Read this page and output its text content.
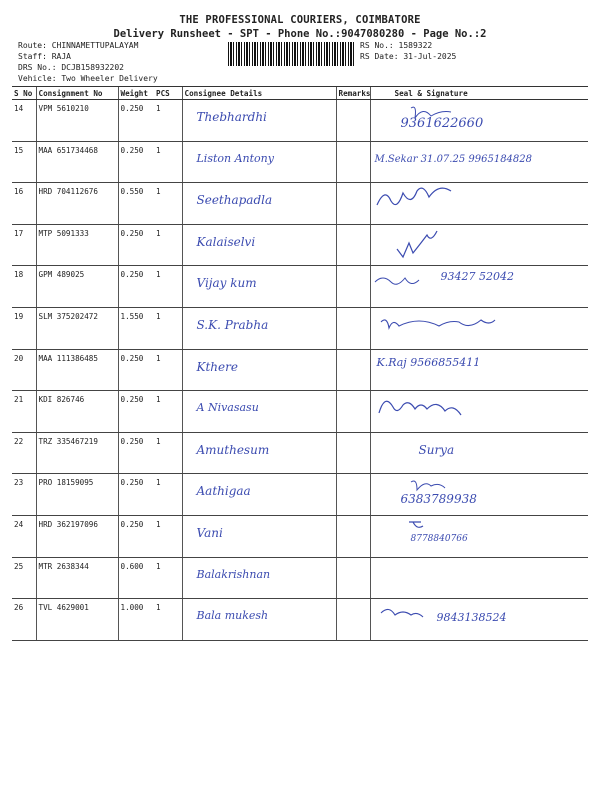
THE PROFESSIONAL COURIERS, COIMBATORE
Delivery Runsheet - SPT - Phone No.:9047080280 - Page No.:2
Route: CHINNAMETTUPALAYAM
Staff: RAJA
DRS No.: DCJB158932202
Vehicle: Two Wheeler Delivery
RS No.: 1589322
RS Date: 31-Jul-2025
S No	Consignment No	Weight	PCS	Consignee Details	Remarks	Seal & Signature
14	VPM 5610210	0.250	1	Thebhardhi		9361622660

15	MAA 651734468	0.250	1	Liston Antony		M.Sekar 31.07.25 9965184828

16	HRD 704112676	0.550	1	Seethapadla

17	MTP 5091333	0.250	1	Kalaiselvi

18	GPM 489025	0.250	1	Vijay kum		93427 52042

19	SLM 375202472	1.550	1	S.K. Prabha

20	MAA 111386485	0.250	1	Kthere		K.Raj 9566855411

21	KDI 826746	0.250	1	A Nivasasu

22	TRZ 335467219	0.250	1	Amuthesum		Surya

23	PRO 18159095	0.250	1	Aathigaa		6383789938

24	HRD 362197096	0.250	1	Vani		8778840766

25	MTR 2638344	0.600	1	Balakrishnan		

26	TVL 4629001	1.000	1	Bala mukesh		9843138524
